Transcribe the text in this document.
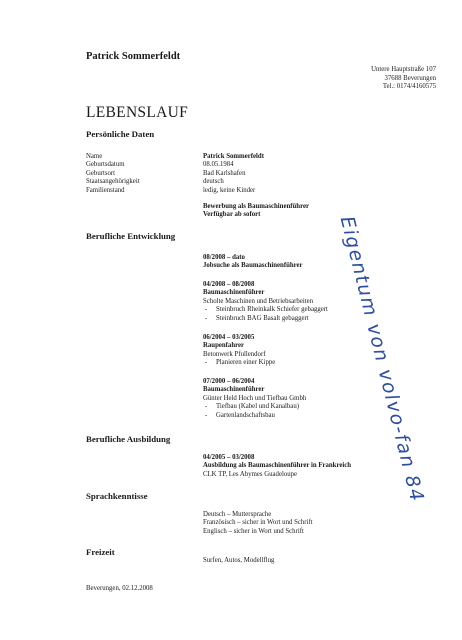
Patrick Sommerfeldt
Untere Hauptstraße 107
37688 Beverungen
Tel.: 0174/4160575
LEBENSLAUF
Persönliche Daten
Name
Geburtsdatum
Geburtsort
Staatsangehörigkeit
Familienstand
Patrick Sommerfeldt
08.05.1984
Bad Karlshafen
deutsch
ledig, keine Kinder
Bewerbung als Baumaschinenführer
Verfügbar ab sofort
Berufliche Entwicklung
08/2008 – dato
Jobsuche als Baumaschinenführer
04/2008 – 08/2008
Baumaschinenführer
Scholte Maschinen und Betriebsarbeiten
- Steinbruch Rheinkalk Schiefer gebaggert
- Steinbruch BAG Basalt gebaggert
06/2004 – 03/2005
Raupenfahrer
Betonwerk Pfullendorf
- Planieren einer Kippe
07/2000 – 06/2004
Baumaschinenführer
Günter Held Hoch und Tiefbau Gmbh
- Tiefbau (Kabel und Kanalbau)
- Gartenlandschaftsbau
Berufliche Ausbildung
04/2005 – 03/2008
Ausbildung als Baumaschinenführer in Frankreich
CLK TP, Les Abymes Guadeloupe
Sprachkenntisse
Deutsch – Muttersprache
Französisch – sicher in Wort und Schrift
Englisch – sicher in Wort und Schrift
Freizeit
Surfen, Autos, Modellflug
Beverungen, 02.12.2008
Eigentum von volvo-fan 84
